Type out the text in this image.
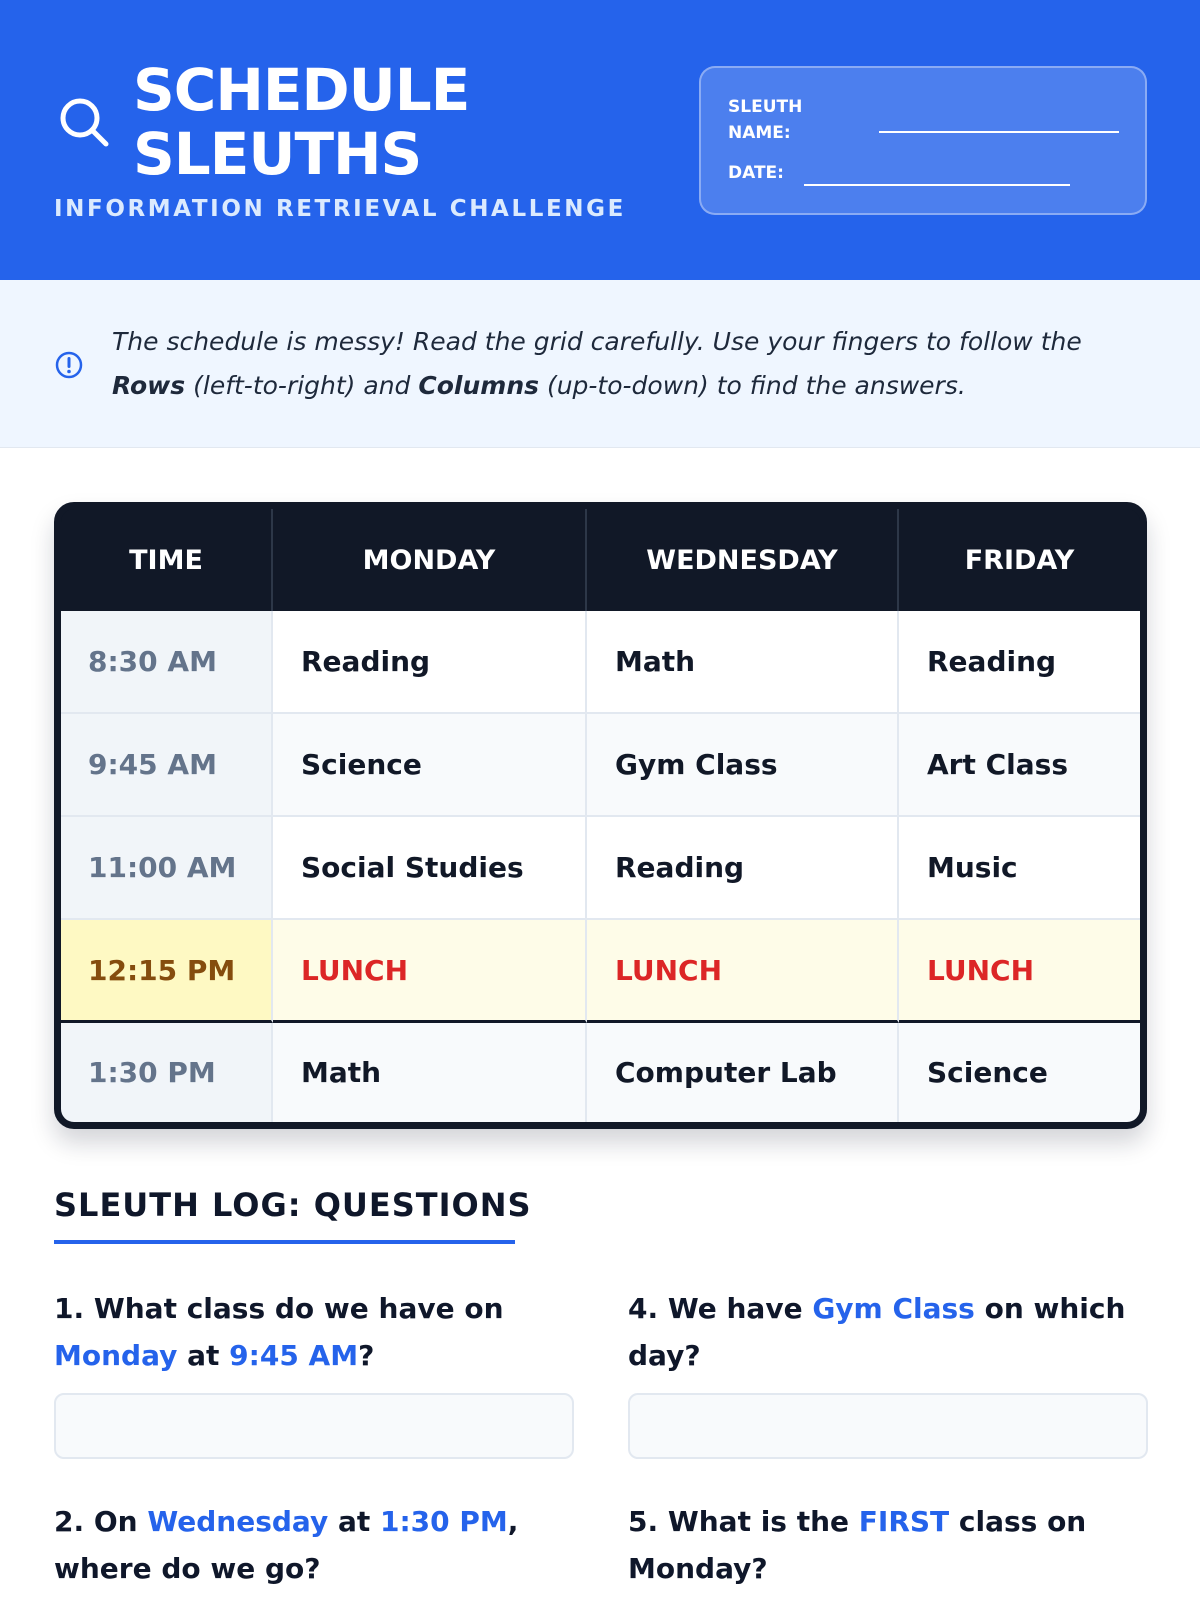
SCHEDULE
SLEUTHS
INFORMATION RETRIEVAL CHALLENGE
SLEUTH
NAME:
DATE:
The schedule is messy! Read the grid carefully. Use your fingers to follow the Rows (left-to-right) and Columns (up-to-down) to find the answers.
TIME	MONDAY	WEDNESDAY	FRIDAY
8:30 AM	Reading	Math	Reading
9:45 AM	Science	Gym Class	Art Class
11:00 AM	Social Studies	Reading	Music
12:15 PM	LUNCH	LUNCH	LUNCH
1:30 PM	Math	Computer Lab	Science
SLEUTH LOG: QUESTIONS
1. What class do we have on Monday at 9:45 AM?
4. We have Gym Class on which day?
2. On Wednesday at 1:30 PM, where do we go?
5. What is the FIRST class on Monday?
